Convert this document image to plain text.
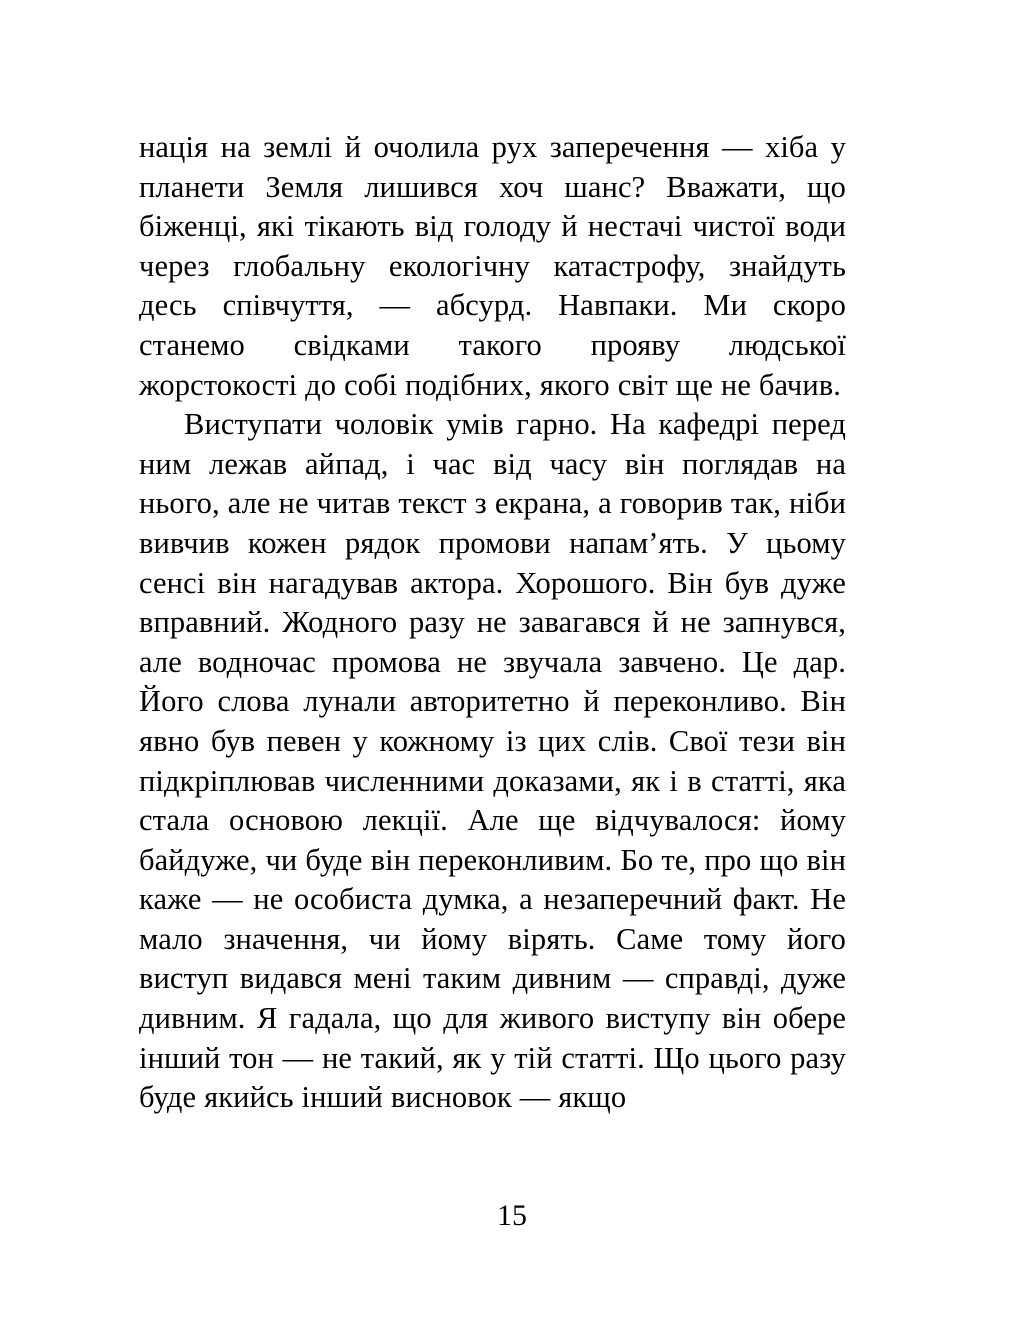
нація на землі й очолила рух заперечення — хіба у планети Земля лишився хоч шанс? Вважати, що біженці, які тікають від голоду й нестачі чистої води через глобальну екологічну катастрофу, знайдуть десь співчуття, — абсурд. Навпаки. Ми скоро станемо свідками такого прояву людської жорстокості до собі подібних, якого світ ще не бачив.

Виступати чоловік умів гарно. На кафедрі перед ним лежав айпад, і час від часу він поглядав на нього, але не читав текст з екрана, а говорив так, ніби вивчив кожен рядок промови напам’ять. У цьому сенсі він нагадував актора. Хорошого. Він був дуже вправний. Жодного разу не завагався й не запнувся, але водночас промова не звучала завчено. Це дар. Його слова лунали авторитетно й переконливо. Він явно був певен у кожному із цих слів. Свої тези він підкріплював численними доказами, як і в статті, яка стала основою лекції. Але ще відчувалося: йому байдуже, чи буде він переконливим. Бо те, про що він каже — не особиста думка, а незаперечний факт. Не мало значення, чи йому вірять. Саме тому його виступ видався мені таким дивним — справді, дуже дивним. Я гадала, що для живого виступу він обере інший тон — не такий, як у тій статті. Що цього разу буде якийсь інший висновок — якщо

15
